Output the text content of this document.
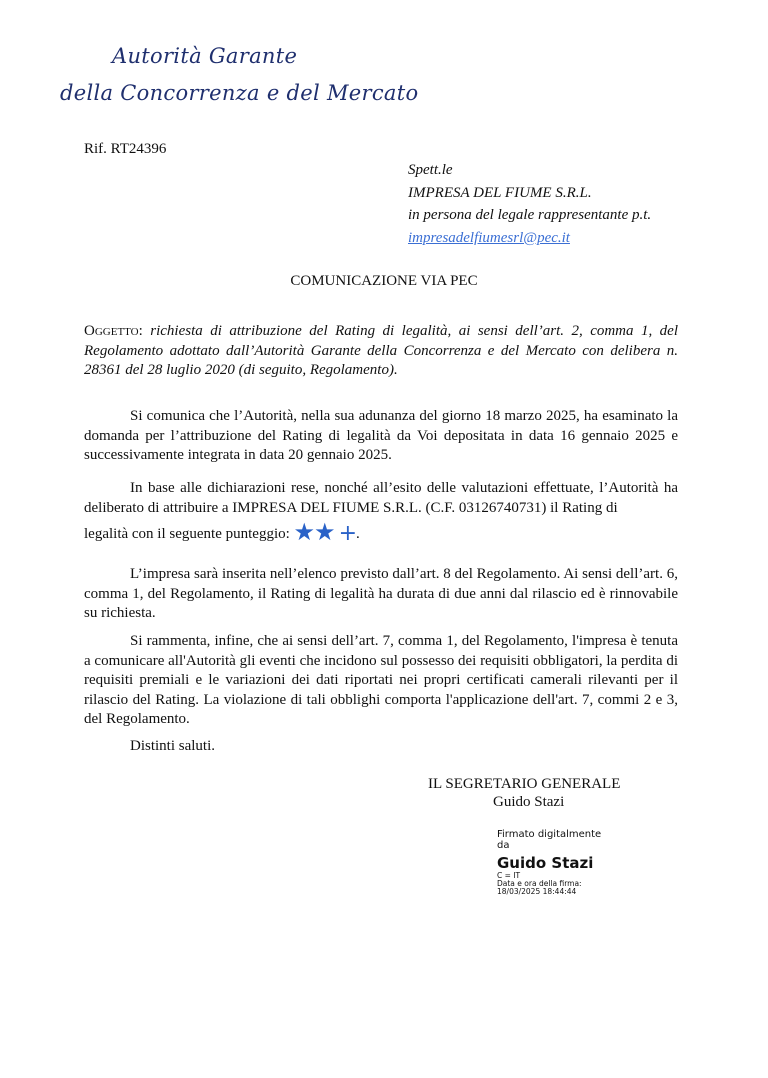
Autorità Garante
della Concorrenza e del Mercato
Rif. RT24396
Spett.le
IMPRESA DEL FIUME S.R.L.
in persona del legale rappresentante p.t.
impresadelfiumesrl@pec.it
COMUNICAZIONE VIA PEC
Oggetto: richiesta di attribuzione del Rating di legalità, ai sensi dell’art. 2, comma 1, del Regolamento adottato dall’Autorità Garante della Concorrenza e del Mercato con delibera n. 28361 del 28 luglio 2020 (di seguito, Regolamento).
Si comunica che l’Autorità, nella sua adunanza del giorno 18 marzo 2025, ha esaminato la domanda per l’attribuzione del Rating di legalità da Voi depositata in data 16 gennaio 2025 e successivamente integrata in data 20 gennaio 2025.
In base alle dichiarazioni rese, nonché all’esito delle valutazioni effettuate, l’Autorità ha deliberato di attribuire a IMPRESA DEL FIUME S.R.L. (C.F. 03126740731) il Rating di
legalità con il seguente punteggio: ★★ +.
L’impresa sarà inserita nell’elenco previsto dall’art. 8 del Regolamento. Ai sensi dell’art. 6, comma 1, del Regolamento, il Rating di legalità ha durata di due anni dal rilascio ed è rinnovabile su richiesta.
Si rammenta, infine, che ai sensi dell’art. 7, comma 1, del Regolamento, l'impresa è tenuta a comunicare all'Autorità gli eventi che incidono sul possesso dei requisiti obbligatori, la perdita di requisiti premiali e le variazioni dei dati riportati nei propri certificati camerali rilevanti per il rilascio del Rating. La violazione di tali obblighi comporta l'applicazione dell'art. 7, commi 2 e 3, del Regolamento.
Distinti saluti.
IL SEGRETARIO GENERALE
Guido Stazi
Firmato digitalmente
da
Guido Stazi
C = IT
Data e ora della firma:
18/03/2025 18:44:44
